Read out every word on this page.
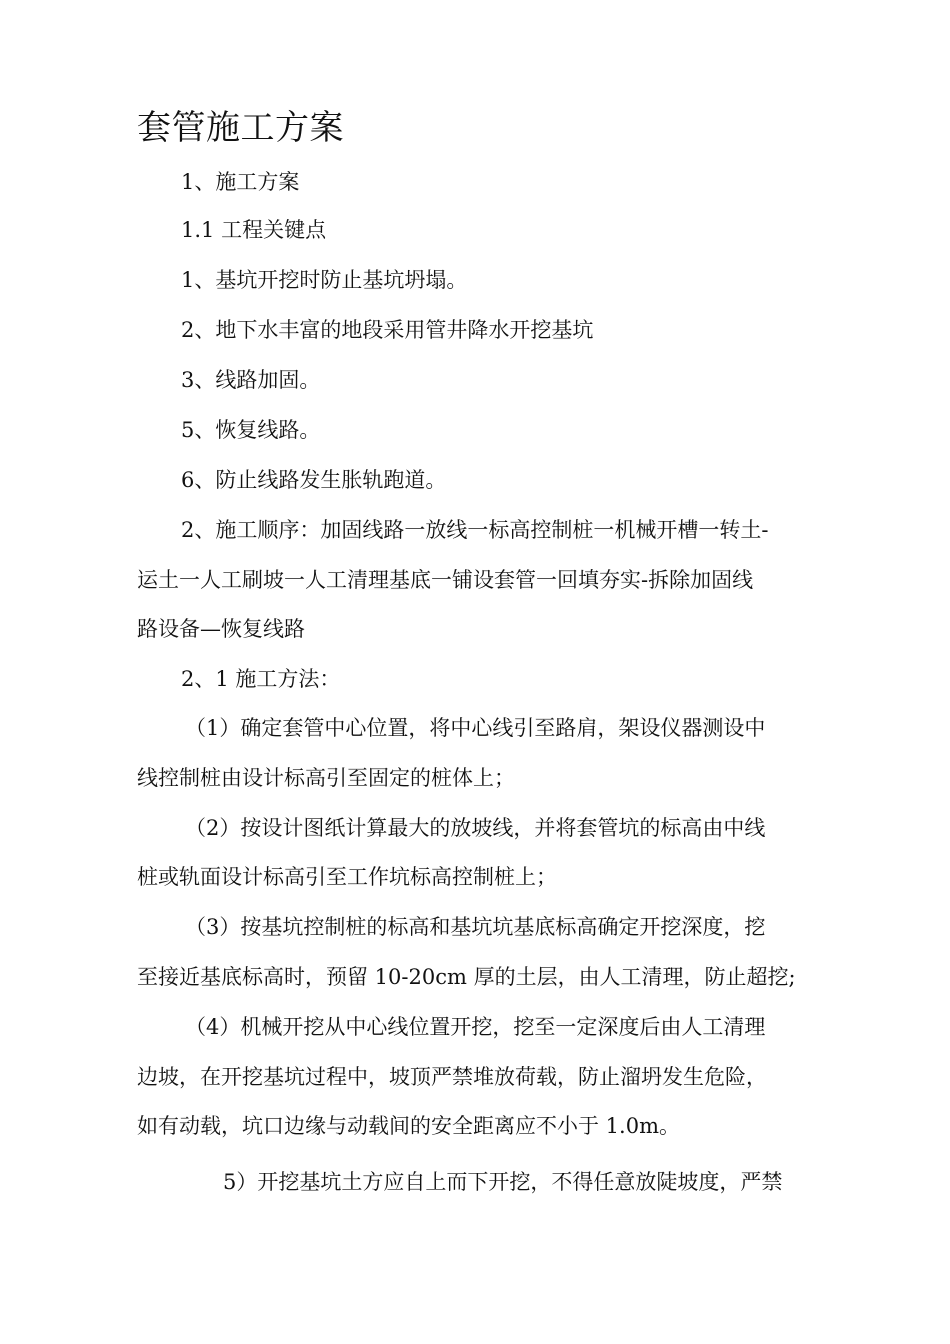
套管施工方案
1、施工方案
1.1 工程关键点
1、基坑开挖时防止基坑坍塌。
2、地下水丰富的地段采用管井降水开挖基坑
3、线路加固。
5、恢复线路。
6、防止线路发生胀轨跑道。
2、施工顺序：加固线路一放线一标高控制桩一机械开槽一转土-
运土一人工刷坡一人工清理基底一铺设套管一回填夯实-拆除加固线
路设备—恢复线路
2、1 施工方法：
（1）确定套管中心位置，将中心线引至路肩，架设仪器测设中
线控制桩由设计标高引至固定的桩体上；
（2）按设计图纸计算最大的放坡线，并将套管坑的标高由中线
桩或轨面设计标高引至工作坑标高控制桩上；
（3）按基坑控制桩的标高和基坑坑基底标高确定开挖深度，挖
至接近基底标高时，预留 10-20cm 厚的土层，由人工清理，防止超挖;
（4）机械开挖从中心线位置开挖，挖至一定深度后由人工清理
边坡，在开挖基坑过程中，坡顶严禁堆放荷载，防止溜坍发生危险，
如有动载，坑口边缘与动载间的安全距离应不小于 1.0m。
5）开挖基坑土方应自上而下开挖，不得任意放陡坡度，严禁
